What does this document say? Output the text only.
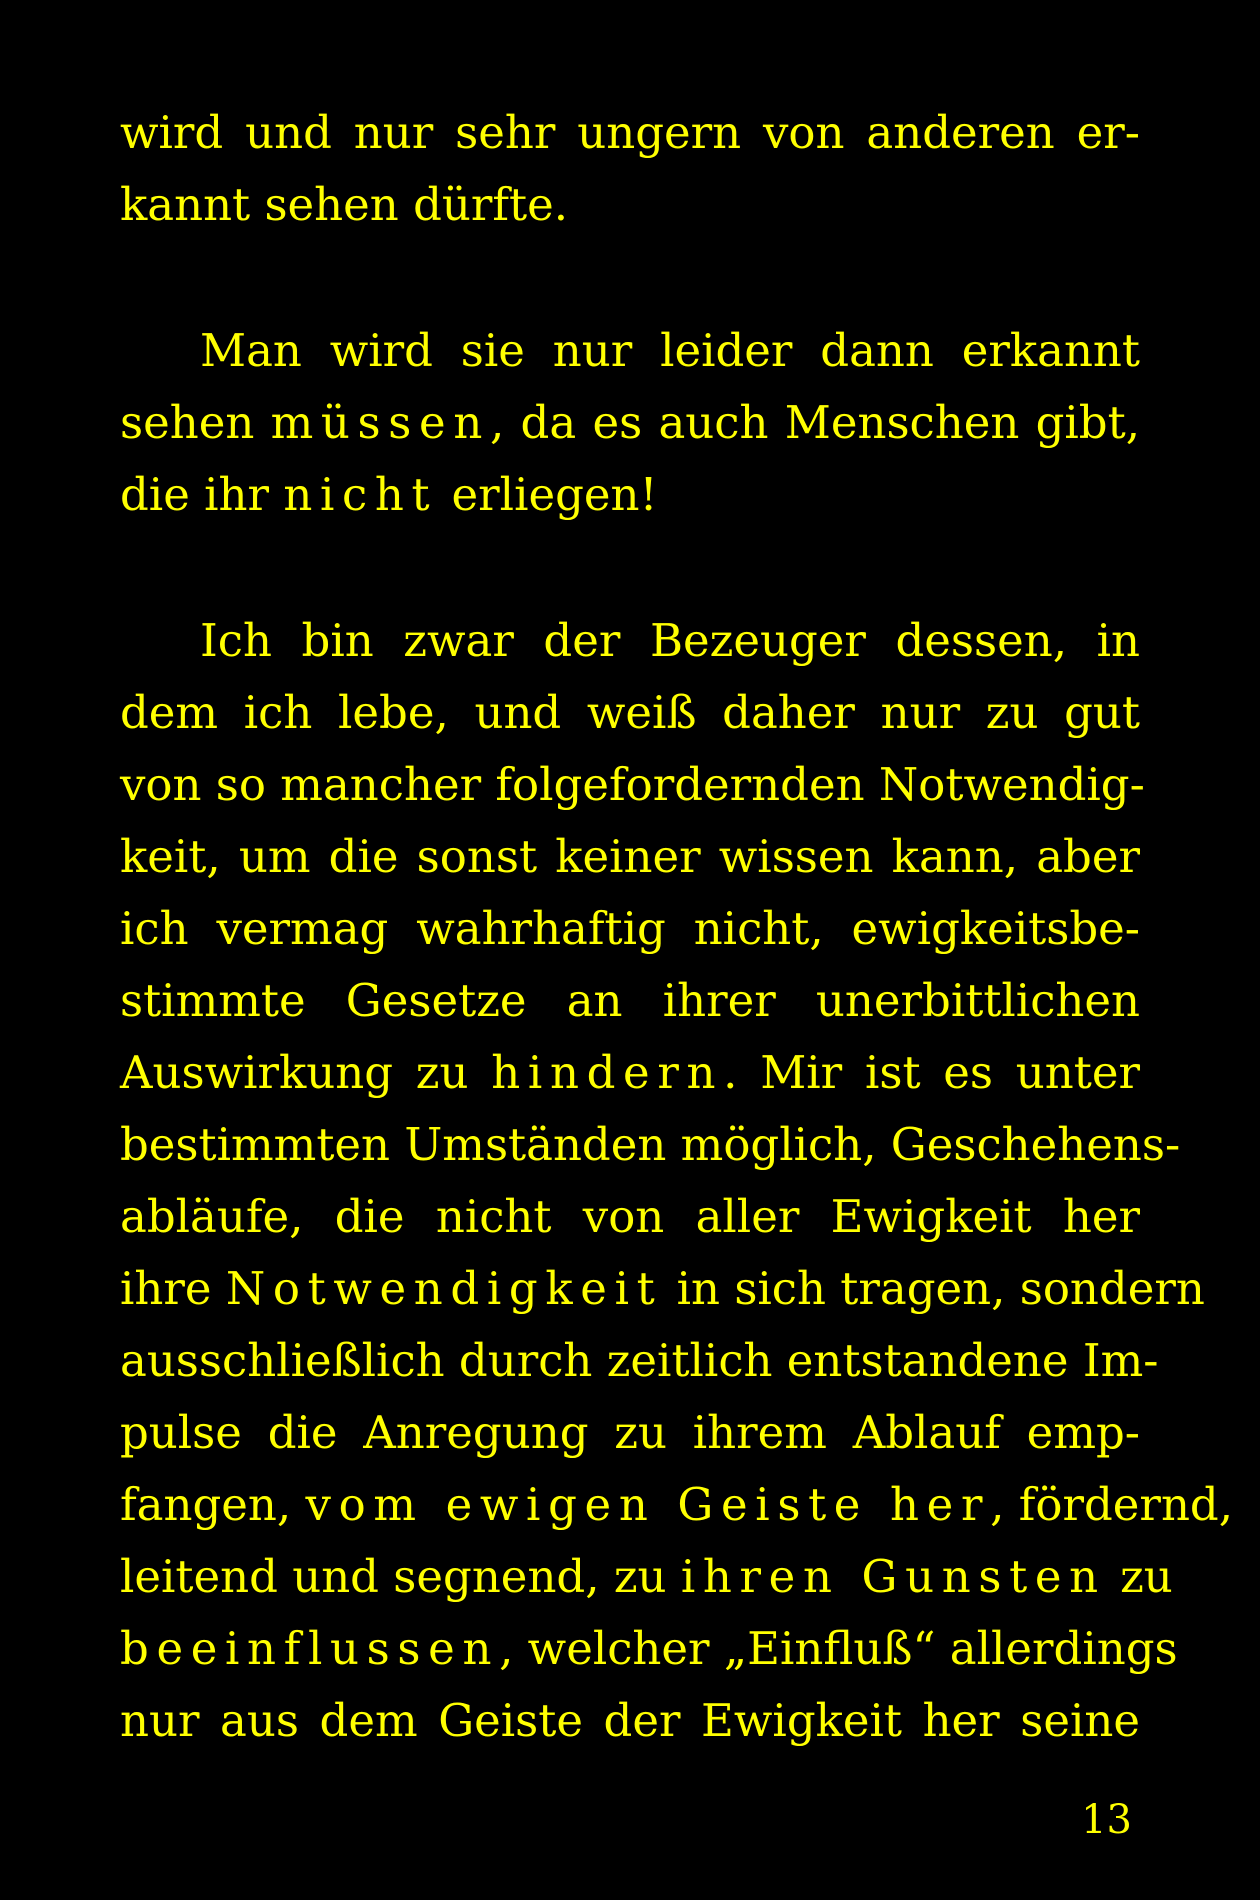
wird und nur sehr ungern von anderen er-
kannt sehen dürfte.
Man wird sie nur leider dann erkannt
sehen müssen, da es auch Menschen gibt,
die ihr nicht erliegen!
Ich bin zwar der Bezeuger dessen, in
dem ich lebe, und weiß daher nur zu gut
von so mancher folgefordernden Notwendig-
keit, um die sonst keiner wissen kann, aber
ich vermag wahrhaftig nicht, ewigkeitsbe-
stimmte Gesetze an ihrer unerbittlichen
Auswirkung zu hindern. Mir ist es unter
bestimmten Umständen möglich, Geschehens-
abläufe, die nicht von aller Ewigkeit her
ihre Notwendigkeit in sich tragen, sondern
ausschließlich durch zeitlich entstandene Im-
pulse die Anregung zu ihrem Ablauf emp-
fangen, vom ewigen Geiste her, fördernd,
leitend und segnend, zu ihren Gunsten zu
beeinflussen, welcher „Einfluß“ allerdings
nur aus dem Geiste der Ewigkeit her seine
13
